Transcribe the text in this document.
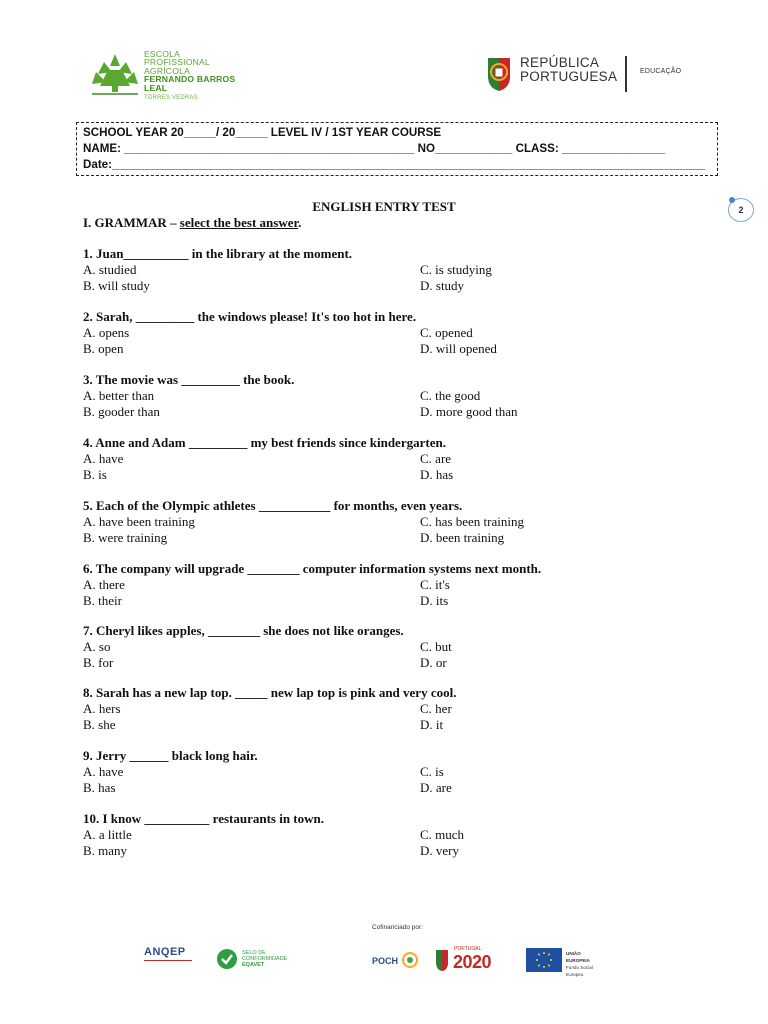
ESCOLA
PROFISSIONAL
AGRÍCOLA
FERNANDO BARROS LEAL
TORRES VEDRAS
REPÚBLICA
PORTUGUESA	EDUCAÇÃO
SCHOOL YEAR 20_____/ 20_____ LEVEL IV / 1ST YEAR COURSE
NAME: _____________________________________________ NO____________ CLASS: ________________
Date:____________________________________________________________________________________________
2
ENGLISH ENTRY TEST
I. GRAMMAR – select the best answer.
1. Juan__________ in the library at the moment.
A. studied
B. will study
C. is studying
D. study
2. Sarah, _________ the windows please! It's too hot in here.
A. opens
B. open
C. opened
D. will opened
3. The movie was _________ the book.
A. better than
B. gooder than
C. the good
D. more good than
4. Anne and Adam _________ my best friends since kindergarten.
A. have
B. is
C. are
D. has
5. Each of the Olympic athletes ___________ for months, even years.
A. have been training
B. were training
C. has been training
D. been training
6. The company will upgrade ________ computer information systems next month.
A. there
B. their
C. it's
D. its
7. Cheryl likes apples, ________ she does not like oranges.
A. so
B. for
C. but
D. or
8. Sarah has a new lap top. _____ new lap top is pink and very cool.
A. hers
B. she
C. her
D. it
9. Jerry ______ black long hair.
A. have
B. has
C. is
D. are
10. I know __________ restaurants in town.
A. a little
B. many
C. much
D. very
Cofinanciado por:
ANQEP	SELO DE
CONFORMIDADE
EQAVET	POCH
PORTUGAL
2020	UNIÃO EUROPEIA
Fundo Social Europeu
